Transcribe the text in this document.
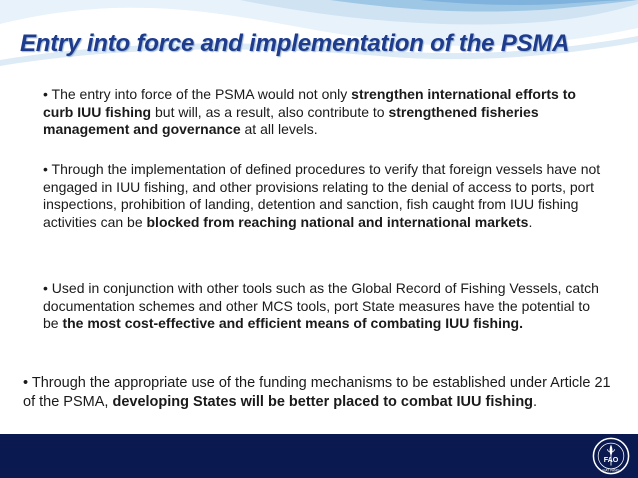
Entry into force and implementation of the PSMA

• The entry into force of the PSMA would not only strengthen international efforts to curb IUU fishing but will, as a result, also contribute to strengthened fisheries management and governance at all levels.

• Through the implementation of defined procedures to verify that foreign vessels have not engaged in IUU fishing, and other provisions relating to the denial of access to ports, port inspections, prohibition of landing, detention and sanction, fish caught from IUU fishing activities can be blocked from reaching national and international markets.

• Used in conjunction with other tools such as the Global Record of Fishing Vessels, catch documentation schemes and other MCS tools, port State measures have the potential to be the most cost-effective and efficient means of combating IUU fishing.

• Through the appropriate use of the funding mechanisms to be established under Article 21 of the PSMA, developing States will be better placed to combat IUU fishing.

FAO
FIAT PANIS
